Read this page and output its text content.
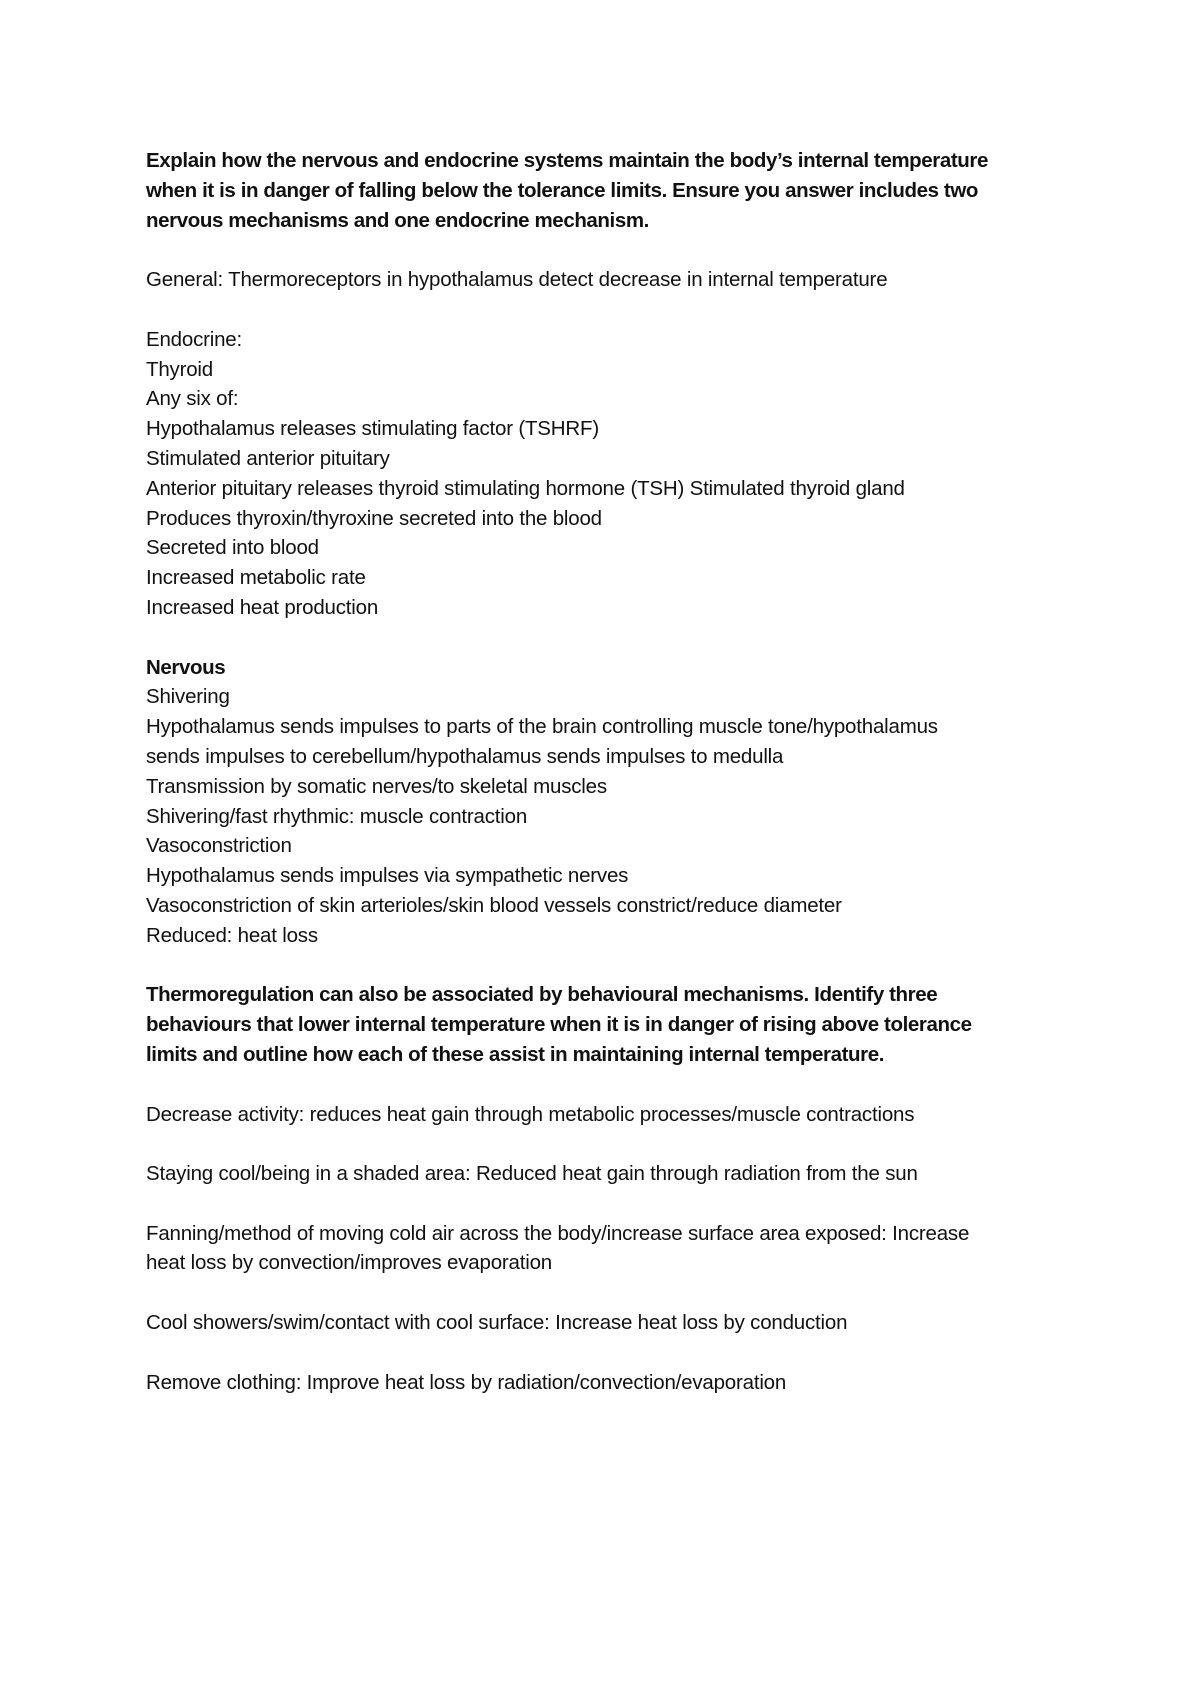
Explain how the nervous and endocrine systems maintain the body’s internal temperature
when it is in danger of falling below the tolerance limits. Ensure you answer includes two
nervous mechanisms and one endocrine mechanism.
General: Thermoreceptors in hypothalamus detect decrease in internal temperature
Endocrine:
Thyroid
Any six of:
Hypothalamus releases stimulating factor (TSHRF)
Stimulated anterior pituitary
Anterior pituitary releases thyroid stimulating hormone (TSH) Stimulated thyroid gland
Produces thyroxin/thyroxine secreted into the blood
Secreted into blood
Increased metabolic rate
Increased heat production
Nervous
Shivering
Hypothalamus sends impulses to parts of the brain controlling muscle tone/hypothalamus
sends impulses to cerebellum/hypothalamus sends impulses to medulla
Transmission by somatic nerves/to skeletal muscles
Shivering/fast rhythmic: muscle contraction
Vasoconstriction
Hypothalamus sends impulses via sympathetic nerves
Vasoconstriction of skin arterioles/skin blood vessels constrict/reduce diameter
Reduced: heat loss
Thermoregulation can also be associated by behavioural mechanisms. Identify three
behaviours that lower internal temperature when it is in danger of rising above tolerance
limits and outline how each of these assist in maintaining internal temperature.
Decrease activity: reduces heat gain through metabolic processes/muscle contractions
Staying cool/being in a shaded area: Reduced heat gain through radiation from the sun
Fanning/method of moving cold air across the body/increase surface area exposed: Increase
heat loss by convection/improves evaporation
Cool showers/swim/contact with cool surface: Increase heat loss by conduction
Remove clothing: Improve heat loss by radiation/convection/evaporation
